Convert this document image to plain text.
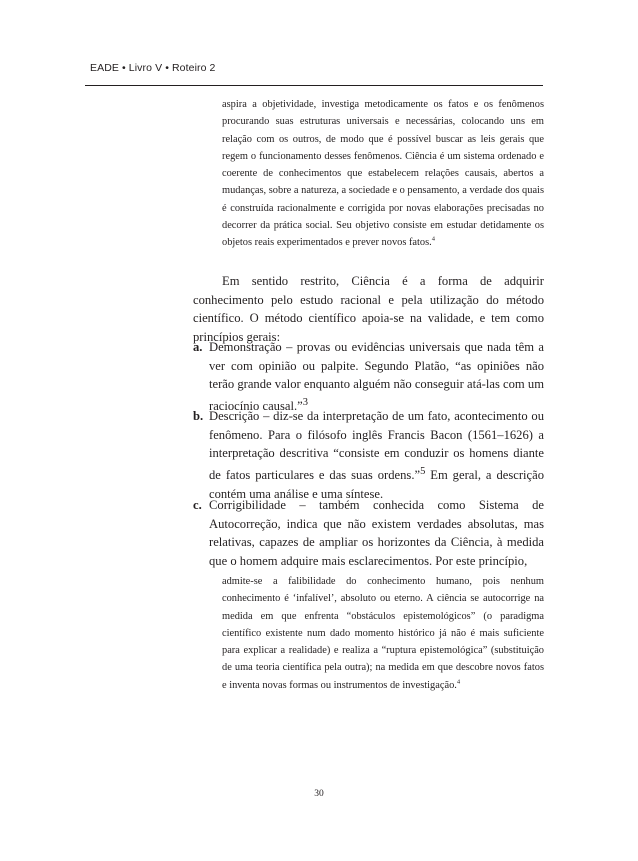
EADE • Livro V • Roteiro 2
aspira a objetividade, investiga metodicamente os fatos e os fenômenos procurando suas estruturas universais e necessárias, colocando uns em relação com os outros, de modo que é possível buscar as leis gerais que regem o funcionamento desses fenômenos. Ciência é um sistema ordenado e coerente de conhecimentos que estabelecem relações causais, abertos a mudanças, sobre a natureza, a sociedade e o pensamento, a verdade dos quais é construída racionalmente e corrigida por novas elaborações precisadas no decorrer da prática social. Seu objetivo consiste em estudar detidamente os objetos reais experimentados e prever novos fatos.$^4$
Em sentido restrito, Ciência é a forma de adquirir conhecimento pelo estudo racional e pela utilização do método científico. O método científico apoia-se na validade, e tem como princípios gerais:
a. Demonstração – provas ou evidências universais que nada têm a ver com opinião ou palpite. Segundo Platão, “as opiniões não terão grande valor enquanto alguém não conseguir atá-las com um raciocínio causal.”$^3$
b. Descrição – diz-se da interpretação de um fato, acontecimento ou fenômeno. Para o filósofo inglês Francis Bacon (1561–1626) a interpretação descritiva “consiste em conduzir os homens diante de fatos particulares e das suas ordens.”$^5$ Em geral, a descrição contém uma análise e uma síntese.
c. Corrigibilidade – também conhecida como Sistema de Autocorreção, indica que não existem verdades absolutas, mas relativas, capazes de ampliar os horizontes da Ciência, à medida que o homem adquire mais esclarecimentos. Por este princípio,
admite-se a falibilidade do conhecimento humano, pois nenhum conhecimento é ‘infalível’, absoluto ou eterno. A ciência se autocorrige na medida em que enfrenta “obstáculos epistemológicos” (o paradigma científico existente num dado momento histórico já não é mais suficiente para explicar a realidade) e realiza a “ruptura epistemológica” (substituição de uma teoria científica pela outra); na medida em que descobre novos fatos e inventa novas formas ou instrumentos de investigação.$^4$
30
